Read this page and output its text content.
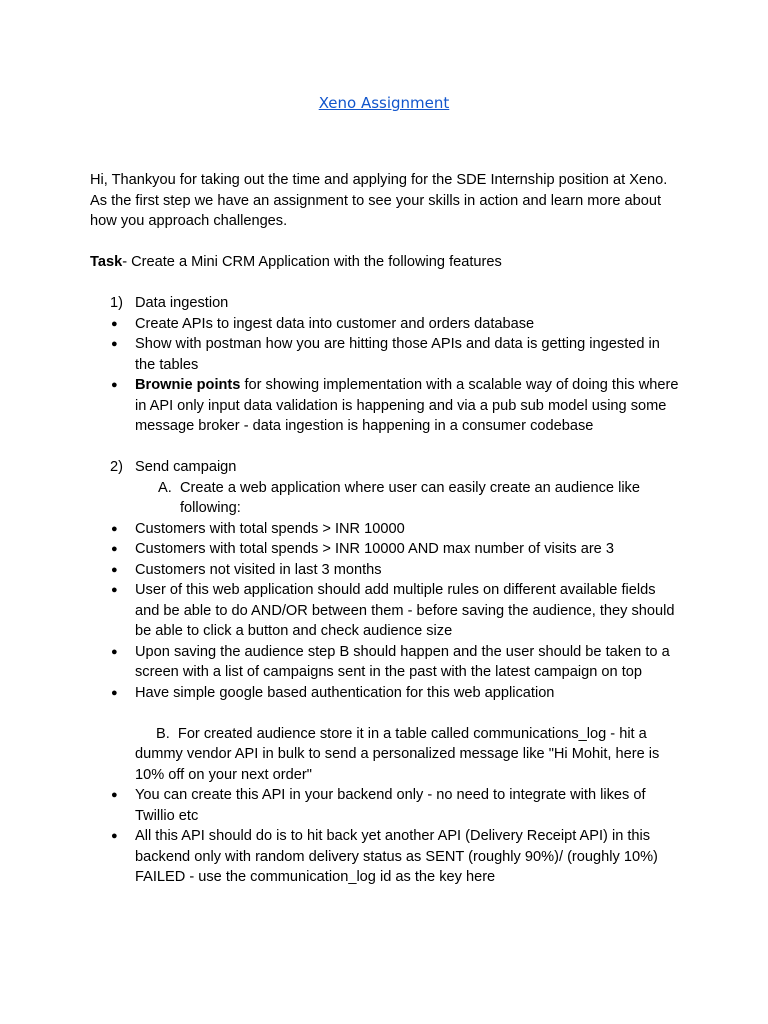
Xeno Assignment

Hi, Thankyou for taking out the time and applying for the SDE Internship position at Xeno. As the first step we have an assignment to see your skills in action and learn more about how you approach challenges.

Task- Create a Mini CRM Application with the following features

1) Data ingestion
● Create APIs to ingest data into customer and orders database
● Show with postman how you are hitting those APIs and data is getting ingested in the tables
● Brownie points for showing implementation with a scalable way of doing this where in API only input data validation is happening and via a pub sub model using some message broker - data ingestion is happening in a consumer codebase
2) Send campaign
A. Create a web application where user can easily create an audience like following:
● Customers with total spends > INR 10000
● Customers with total spends > INR 10000 AND max number of visits are 3
● Customers not visited in last 3 months
● User of this web application should add multiple rules on different available fields and be able to do AND/OR between them - before saving the audience, they should be able to click a button and check audience size
● Upon saving the audience step B should happen and the user should be taken to a screen with a list of campaigns sent in the past with the latest campaign on top
● Have simple google based authentication for this web application
B. For created audience store it in a table called communications_log - hit a dummy vendor API in bulk to send a personalized message like "Hi Mohit, here is 10% off on your next order"
● You can create this API in your backend only - no need to integrate with likes of Twillio etc
● All this API should do is to hit back yet another API (Delivery Receipt API) in this backend only with random delivery status as SENT (roughly 90%)/ (roughly 10%) FAILED - use the communication_log id as the key here
